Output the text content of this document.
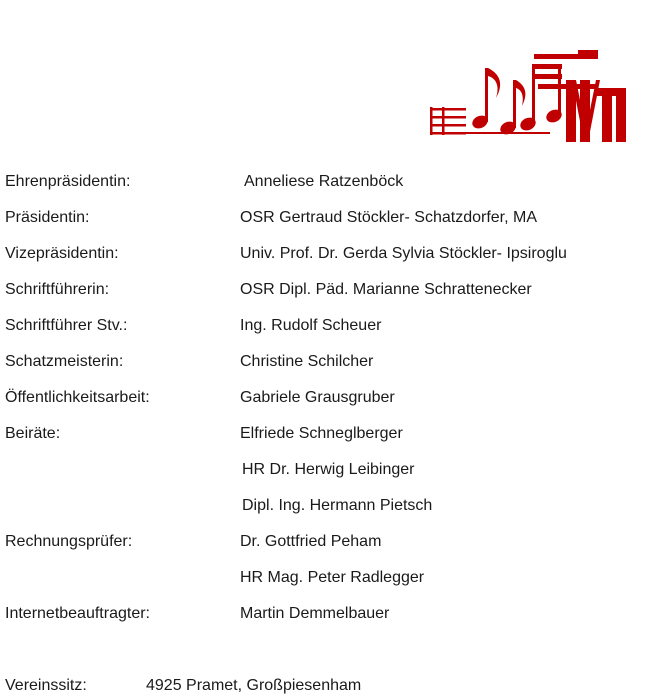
Ehrenpräsidentin:	Anneliese Ratzenböck
Präsidentin:	OSR Gertraud Stöckler- Schatzdorfer, MA
Vizepräsidentin:	Univ. Prof. Dr. Gerda Sylvia Stöckler- Ipsiroglu
Schriftführerin:	OSR Dipl. Päd. Marianne Schrattenecker
Schriftführer Stv.:	Ing. Rudolf Scheuer
Schatzmeisterin:	Christine Schilcher
Öffentlichkeitsarbeit:	Gabriele Grausgruber
Beiräte:	Elfriede Schneglberger
HR Dr. Herwig Leibinger
Dipl. Ing. Hermann Pietsch
Rechnungsprüfer:	Dr. Gottfried Peham
HR Mag. Peter Radlegger
Internetbeauftragter:	Martin Demmelbauer
Vereinssitz:	4925 Pramet, Großpiesenham
